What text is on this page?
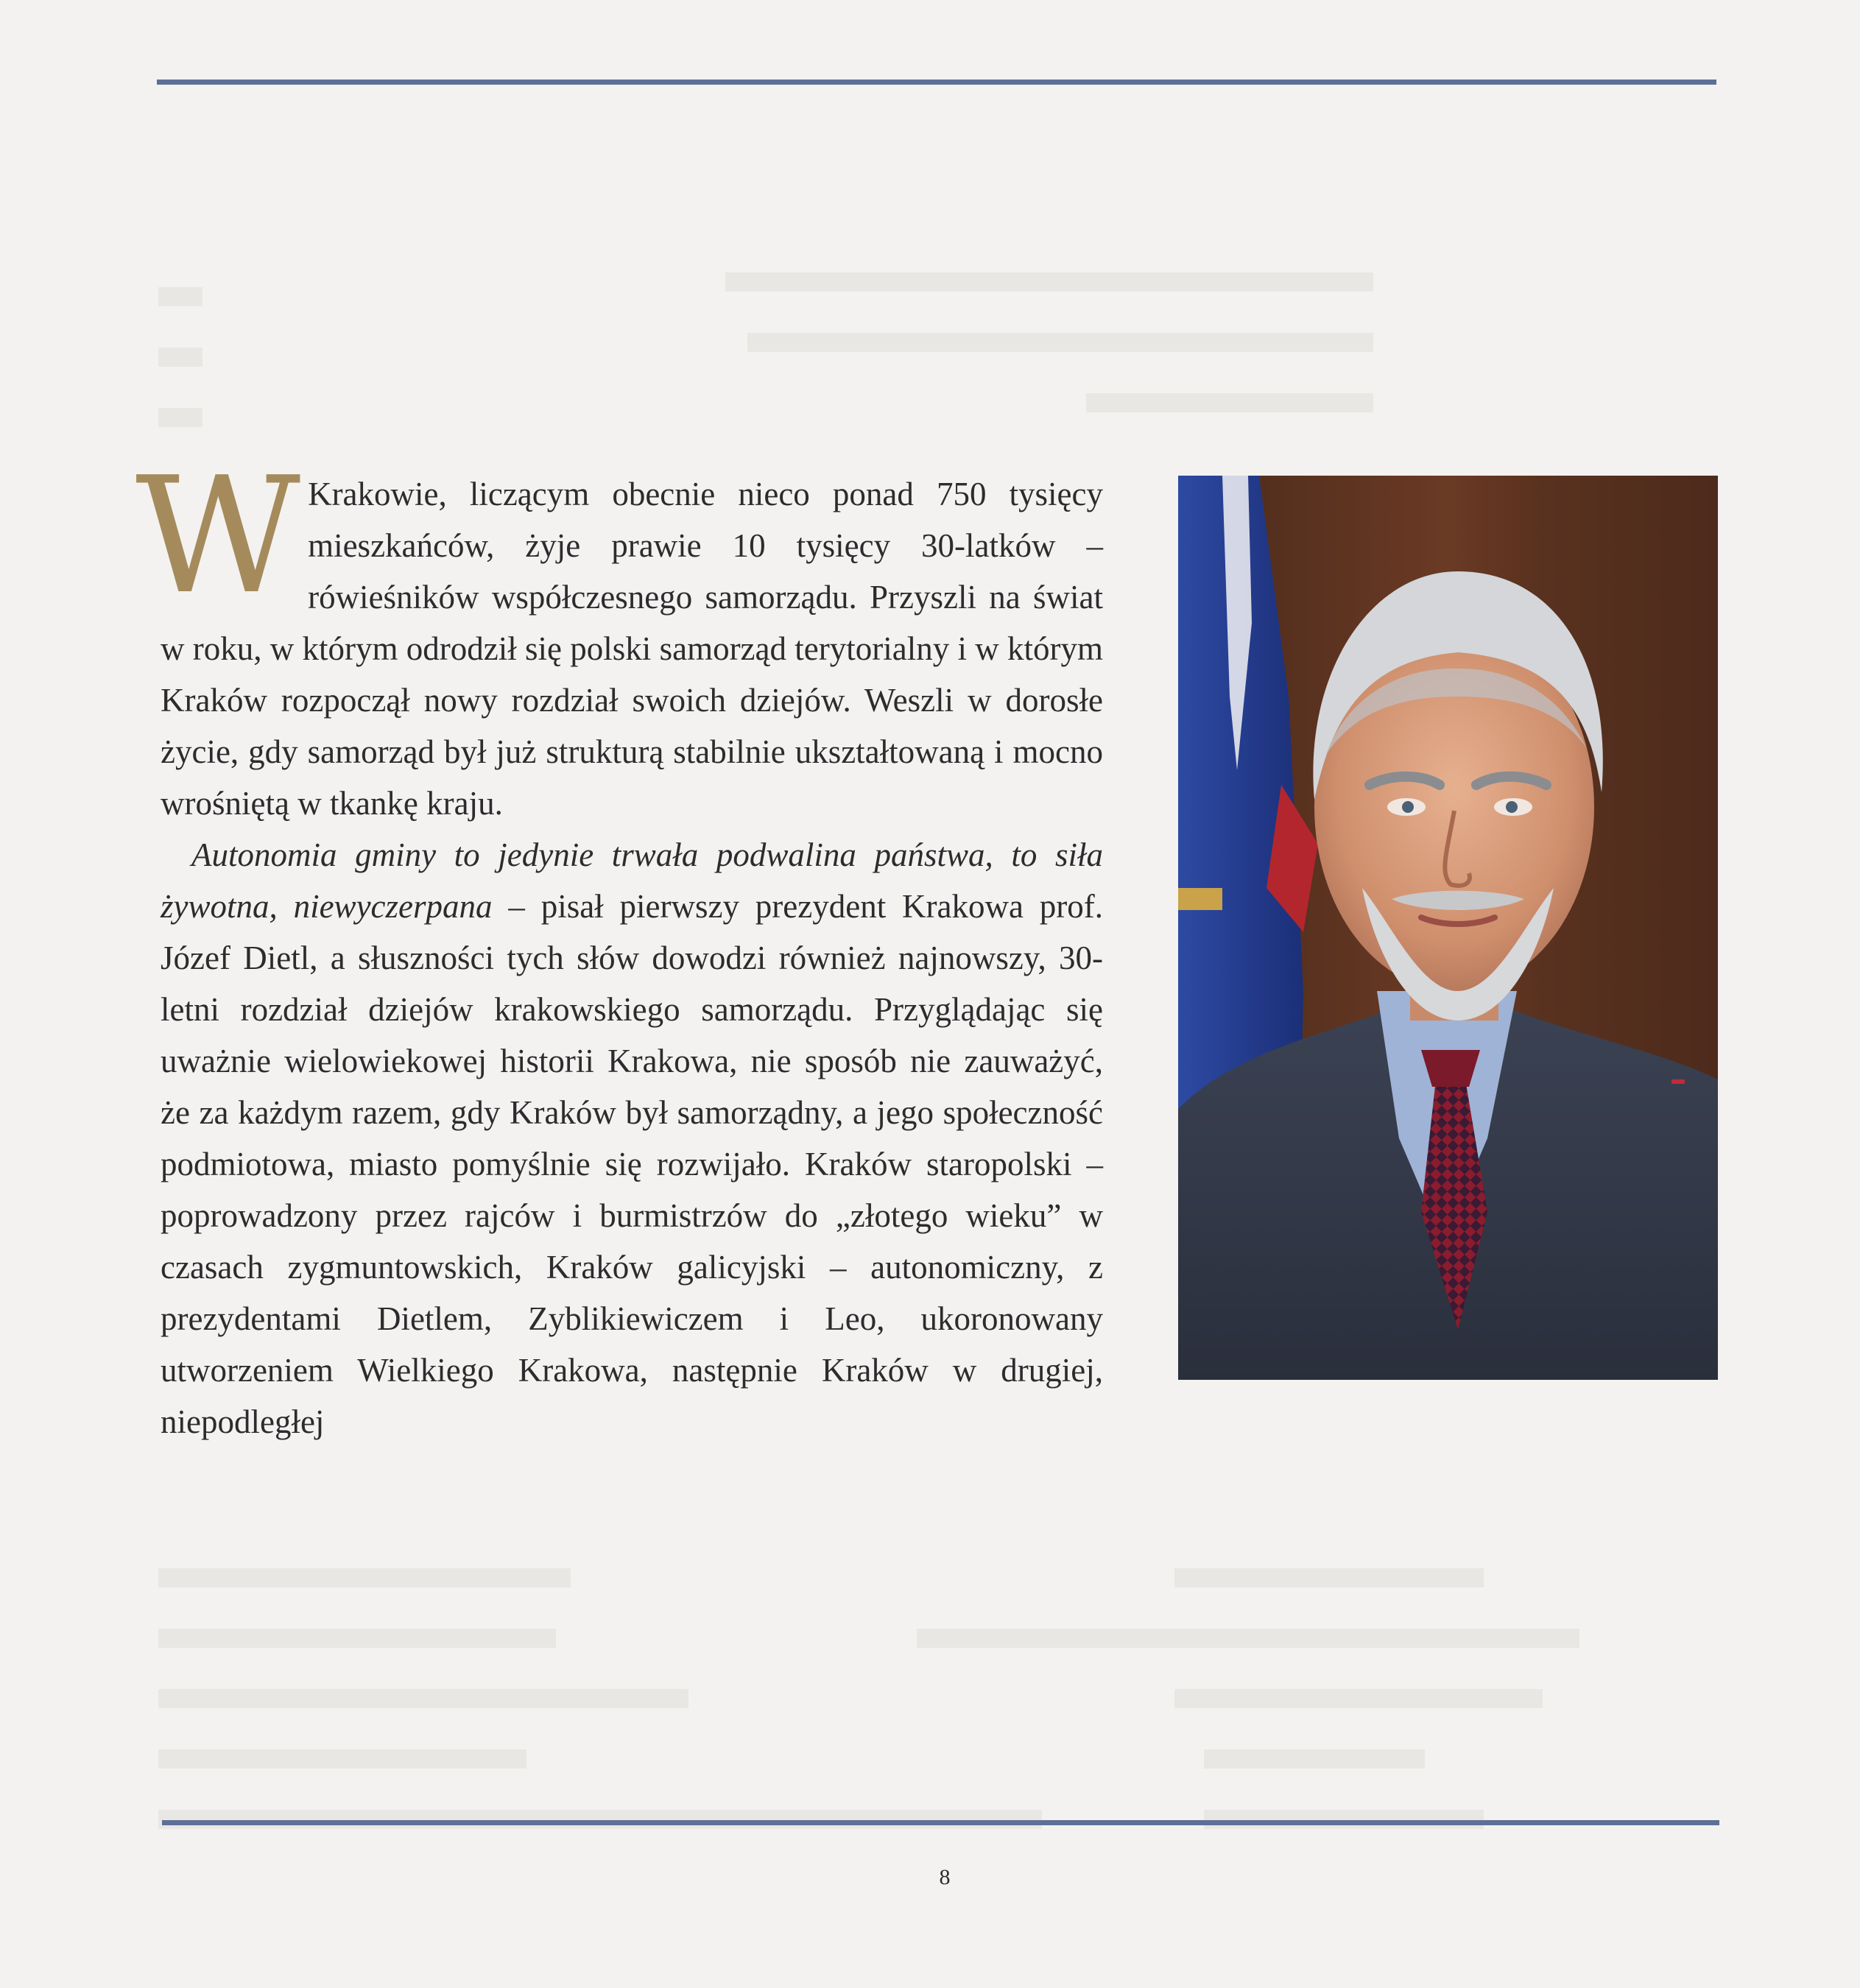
W Krakowie, liczącym obecnie nieco ponad 750 tysięcy mieszkańców, żyje prawie 10 tysięcy 30-latków – rówieśników współczesnego samorządu. Przyszli na świat w roku, w którym odrodził się polski samorząd terytorialny i w którym Kraków rozpoczął nowy rozdział swoich dziejów. Weszli w dorosłe życie, gdy samorząd był już strukturą stabilnie ukształtowaną i mocno wrośniętą w tkankę kraju.

Autonomia gminy to jedynie trwała podwalina państwa, to siła żywotna, niewyczerpana – pisał pierwszy prezydent Krakowa prof. Józef Dietl, a słuszności tych słów dowodzi również najnowszy, 30-letni rozdział dziejów krakowskiego samorządu. Przyglądając się uważnie wielowiekowej historii Krakowa, nie sposób nie zauważyć, że za każdym razem, gdy Kraków był samorządny, a jego społeczność podmiotowa, miasto pomyślnie się rozwijało. Kraków staropolski – poprowadzony przez rajców i burmistrzów do „złotego wieku” w czasach zygmuntowskich, Kraków galicyjski – autonomiczny, z prezydentami Dietlem, Zyblikiewiczem i Leo, ukoronowany utworzeniem Wielkiego Krakowa, następnie Kraków w drugiej, niepodległej

8
